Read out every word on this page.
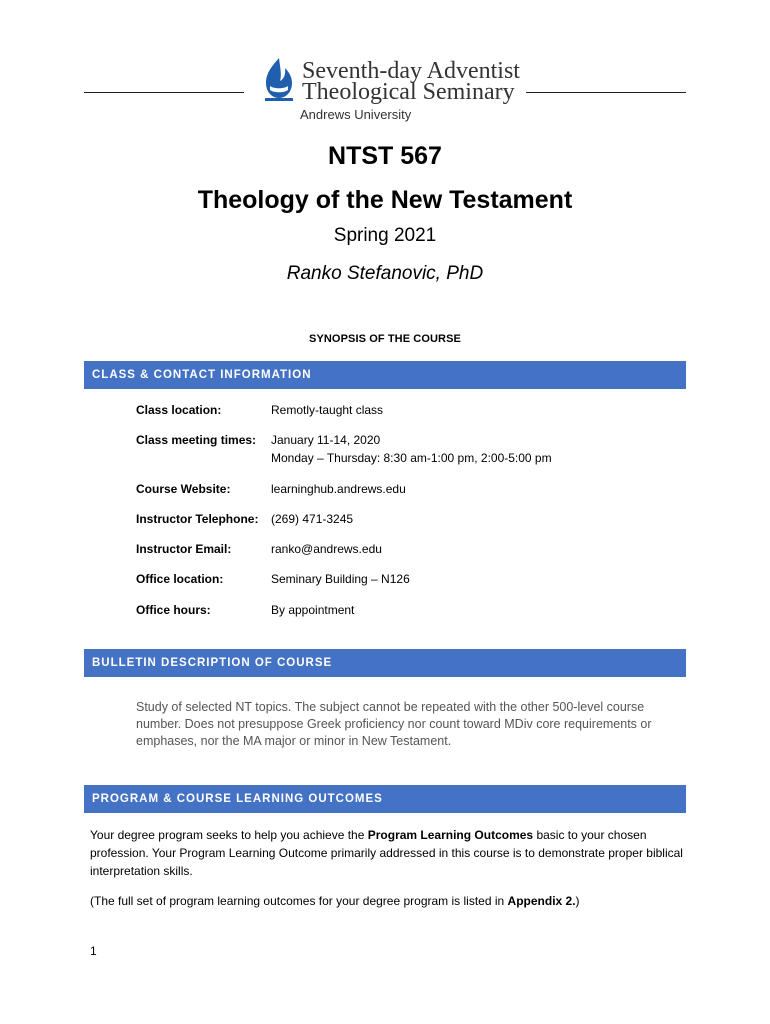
Seventh-day Adventist
Theological Seminary
Andrews University
NTST 567
Theology of the New Testament
Spring 2021
Ranko Stefanovic, PhD
SYNOPSIS OF THE COURSE
CLASS & CONTACT INFORMATION
Class location:	Remotly-taught class
Class meeting times: January 11-14, 2020
Monday – Thursday: 8:30 am-1:00 pm, 2:00-5:00 pm
Course Website:	learninghub.andrews.edu
Instructor Telephone: (269) 471-3245
Instructor Email:	ranko@andrews.edu
Office location:	Seminary Building – N126
Office hours:	By appointment
BULLETIN DESCRIPTION OF COURSE
Study of selected NT topics. The subject cannot be repeated with the other 500-level course number. Does not presuppose Greek proficiency nor count toward MDiv core requirements or emphases, nor the MA major or minor in New Testament.
PROGRAM & COURSE LEARNING OUTCOMES
Your degree program seeks to help you achieve the Program Learning Outcomes basic to your chosen profession. Your Program Learning Outcome primarily addressed in this course is to demonstrate proper biblical interpretation skills.
(The full set of program learning outcomes for your degree program is listed in Appendix 2.)
1
